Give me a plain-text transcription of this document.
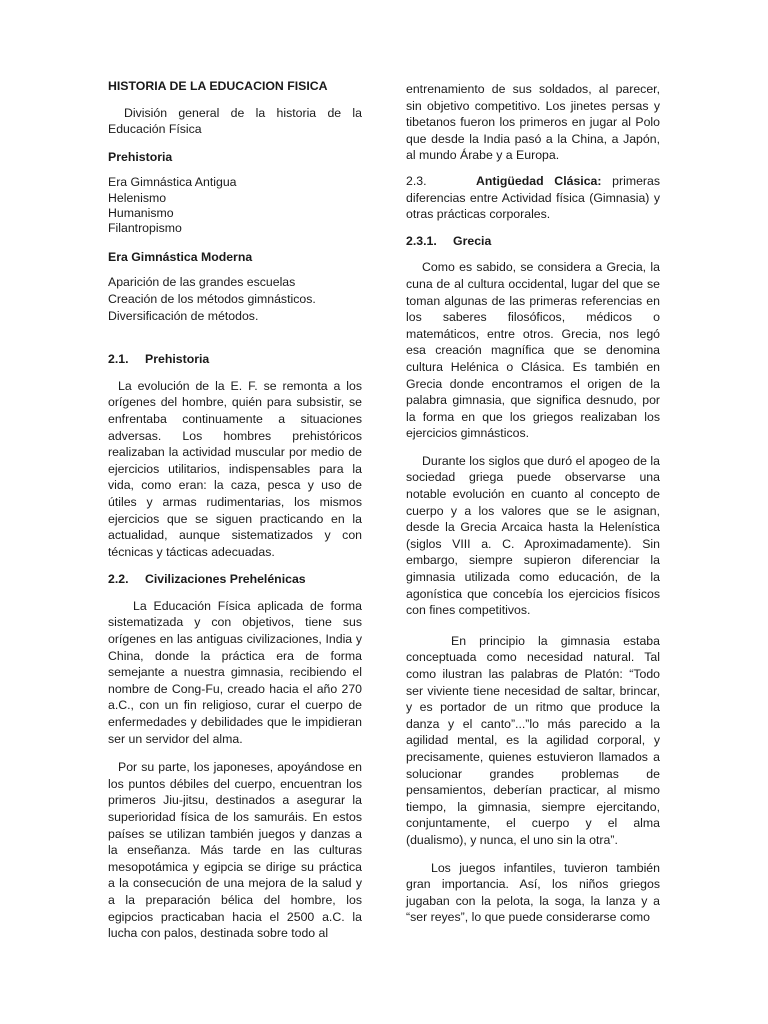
HISTORIA DE LA EDUCACION FISICA

División general de la historia de la Educación Física

Prehistoria
Era Gimnástica Antigua
Helenismo
Humanismo
Filantropismo
Era Gimnástica Moderna
Aparición de las grandes escuelas
Creación de los métodos gimnásticos.
Diversificación de métodos.
2.1.	Prehistoria

La evolución de la E. F. se remonta a los orígenes del hombre, quién para subsistir, se enfrentaba continuamente a situaciones adversas. Los hombres prehistóricos realizaban la actividad muscular por medio de ejercicios utilitarios, indispensables para la vida, como eran: la caza, pesca y uso de útiles y armas rudimentarias, los mismos ejercicios que se siguen practicando en la actualidad, aunque sistematizados y con técnicas y tácticas adecuadas.

2.2.	Civilizaciones Prehelénicas

La Educación Física aplicada de forma sistematizada y con objetivos, tiene sus orígenes en las antiguas civilizaciones, India y China, donde la práctica era de forma semejante a nuestra gimnasia, recibiendo el nombre de Cong-Fu, creado hacia el año 270 a.C., con un fin religioso, curar el cuerpo de enfermedades y debilidades que le impidieran ser un servidor del alma.

Por su parte, los japoneses, apoyándose en los puntos débiles del cuerpo, encuentran los primeros Jiu-jitsu, destinados a asegurar la superioridad física de los samuráis. En estos países se utilizan también juegos y danzas a la enseñanza. Más tarde en las culturas mesopotámica y egipcia se dirige su práctica a la consecución de una mejora de la salud y a la preparación bélica del hombre, los egipcios practicaban hacia el 2500 a.C. la lucha con palos, destinada sobre todo al

entrenamiento de sus soldados, al parecer, sin objetivo competitivo. Los jinetes persas y tibetanos fueron los primeros en jugar al Polo que desde la India pasó a la China, a Japón, al mundo Árabe y a Europa.

2.3.	Antigüedad Clásica: primeras diferencias entre Actividad física (Gimnasia) y otras prácticas corporales.

2.3.1.	Grecia

Como es sabido, se considera a Grecia, la cuna de al cultura occidental, lugar del que se toman algunas de las primeras referencias en los saberes filosóficos, médicos o matemáticos, entre otros. Grecia, nos legó esa creación magnífica que se denomina cultura Helénica o Clásica. Es también en Grecia donde encontramos el origen de la palabra gimnasia, que significa desnudo, por la forma en que los griegos realizaban los ejercicios gimnásticos.

Durante los siglos que duró el apogeo de la sociedad griega puede observarse una notable evolución en cuanto al concepto de cuerpo y a los valores que se le asignan, desde la Grecia Arcaica hasta la Helenística (siglos VIII a. C. Aproximadamente). Sin embargo, siempre supieron diferenciar la gimnasia utilizada como educación, de la agonística que concebía los ejercicios físicos con fines competitivos.

En principio la gimnasia estaba conceptuada como necesidad natural. Tal como ilustran las palabras de Platón: “Todo ser viviente tiene necesidad de saltar, brincar, y es portador de un ritmo que produce la danza y el canto”...”lo más parecido a la agilidad mental, es la agilidad corporal, y precisamente, quienes estuvieron llamados a solucionar grandes problemas de pensamientos, deberían practicar, al mismo tiempo, la gimnasia, siempre ejercitando, conjuntamente, el cuerpo y el alma (dualismo), y nunca, el uno sin la otra”.

Los juegos infantiles, tuvieron también gran importancia. Así, los niños griegos jugaban con la pelota, la soga, la lanza y a “ser reyes”, lo que puede considerarse como
